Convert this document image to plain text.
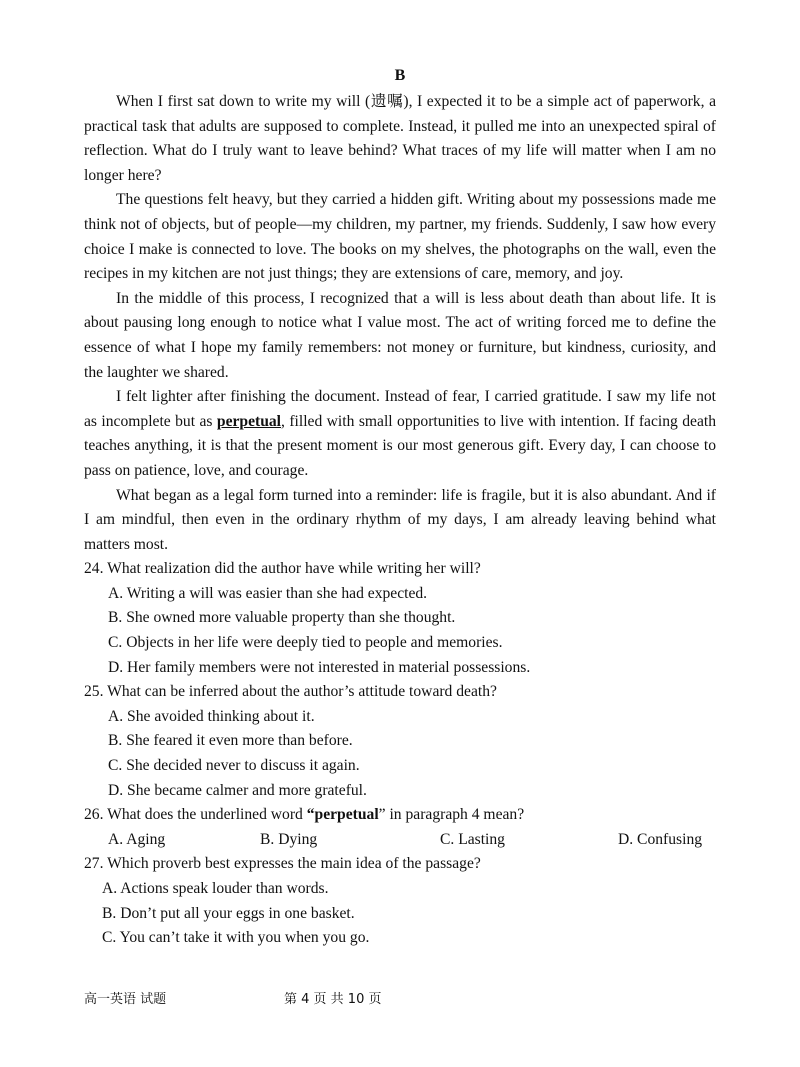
B

When I first sat down to write my will (遗嘱), I expected it to be a simple act of paperwork, a practical task that adults are supposed to complete. Instead, it pulled me into an unexpected spiral of reflection. What do I truly want to leave behind? What traces of my life will matter when I am no longer here?

The questions felt heavy, but they carried a hidden gift. Writing about my possessions made me think not of objects, but of people—my children, my partner, my friends. Suddenly, I saw how every choice I make is connected to love. The books on my shelves, the photographs on the wall, even the recipes in my kitchen are not just things; they are extensions of care, memory, and joy.

In the middle of this process, I recognized that a will is less about death than about life. It is about pausing long enough to notice what I value most. The act of writing forced me to define the essence of what I hope my family remembers: not money or furniture, but kindness, curiosity, and the laughter we shared.

I felt lighter after finishing the document. Instead of fear, I carried gratitude. I saw my life not as incomplete but as perpetual, filled with small opportunities to live with intention. If facing death teaches anything, it is that the present moment is our most generous gift. Every day, I can choose to pass on patience, love, and courage.

What began as a legal form turned into a reminder: life is fragile, but it is also abundant. And if I am mindful, then even in the ordinary rhythm of my days, I am already leaving behind what matters most.

24. What realization did the author have while writing her will?

A. Writing a will was easier than she had expected.

B. She owned more valuable property than she thought.

C. Objects in her life were deeply tied to people and memories.

D. Her family members were not interested in material possessions.

25. What can be inferred about the author’s attitude toward death?

A. She avoided thinking about it.

B. She feared it even more than before.

C. She decided never to discuss it again.

D. She became calmer and more grateful.

26. What does the underlined word “perpetual” in paragraph 4 mean?

A. Aging	B. Dying	C. Lasting	D. Confusing

27. Which proverb best expresses the main idea of the passage?

A. Actions speak louder than words.

B. Don’t put all your eggs in one basket.

C. You can’t take it with you when you go.

高一英语 试题	第 4 页 共 10 页
